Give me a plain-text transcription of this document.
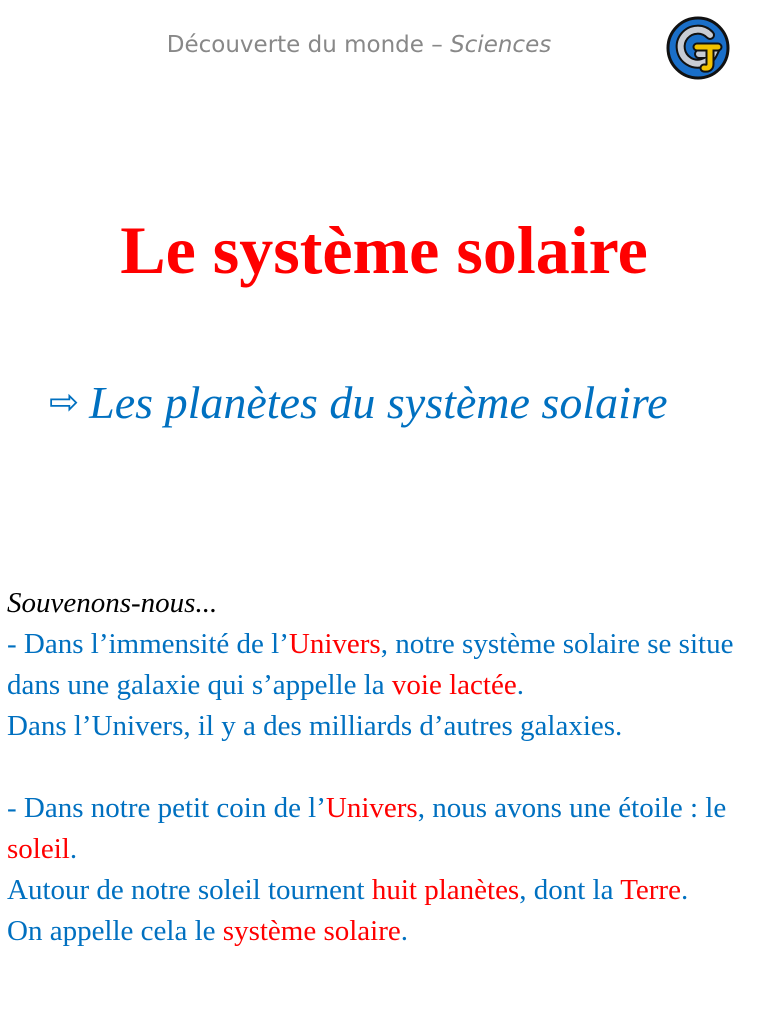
Découverte du monde – Sciences
Le système solaire
⇨ Les planètes du système solaire

Souvenons-nous...

- Dans l’immensité de l’Univers, notre système solaire se situe dans une galaxie qui s’appelle la voie lactée.

Dans l’Univers, il y a des milliards d’autres galaxies.

- Dans notre petit coin de l’Univers, nous avons une étoile : le soleil.

Autour de notre soleil tournent huit planètes, dont la Terre.

On appelle cela le système solaire.
